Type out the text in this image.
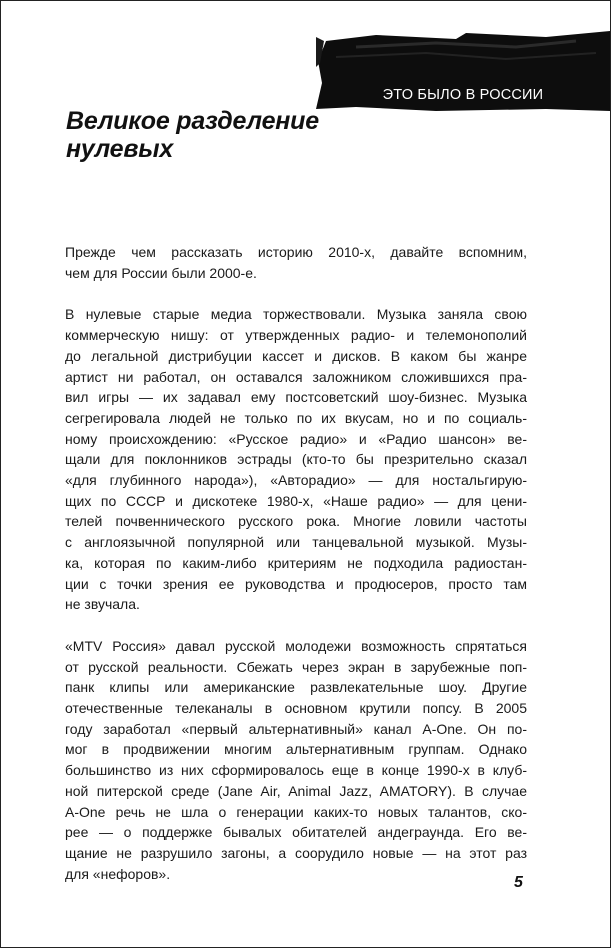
ЭТО БЫЛО В РОССИИ
Великое разделение
нулевых

Прежде чем рассказать историю 2010-х, давайте вспомним,
чем для России были 2000-е.

В нулевые старые медиа торжествовали. Музыка заняла свою
коммерческую нишу: от утвержденных радио- и телемонополий
до легальной дистрибуции кассет и дисков. В каком бы жанре
артист ни работал, он оставался заложником сложившихся пра-
вил игры — их задавал ему постсоветский шоу-бизнес. Музыка
сегрегировала людей не только по их вкусам, но и по социаль-
ному происхождению: «Русское радио» и «Радио шансон» ве-
щали для поклонников эстрады (кто-то бы презрительно сказал
«для глубинного народа»), «Авторадио» — для ностальгирую-
щих по СССР и дискотеке 1980-х, «Наше радио» — для цени-
телей почвеннического русского рока. Многие ловили частоты
с англоязычной популярной или танцевальной музыкой. Музы-
ка, которая по каким-либо критериям не подходила радиостан-
ции с точки зрения ее руководства и продюсеров, просто там
не звучала.

«MTV Россия» давал русской молодежи возможность спрятаться
от русской реальности. Сбежать через экран в зарубежные поп-
панк клипы или американские развлекательные шоу. Другие
отечественные телеканалы в основном крутили попсу. В 2005
году заработал «первый альтернативный» канал A-One. Он по-
мог в продвижении многим альтернативным группам. Однако
большинство из них сформировалось еще в конце 1990-х в клуб-
ной питерской среде (Jane Air, Animal Jazz, AMATORY). В случае
A-One речь не шла о генерации каких-то новых талантов, ско-
рее — о поддержке бывалых обитателей андеграунда. Его ве-
щание не разрушило загоны, а соорудило новые — на этот раз
для «нефоров».

5
